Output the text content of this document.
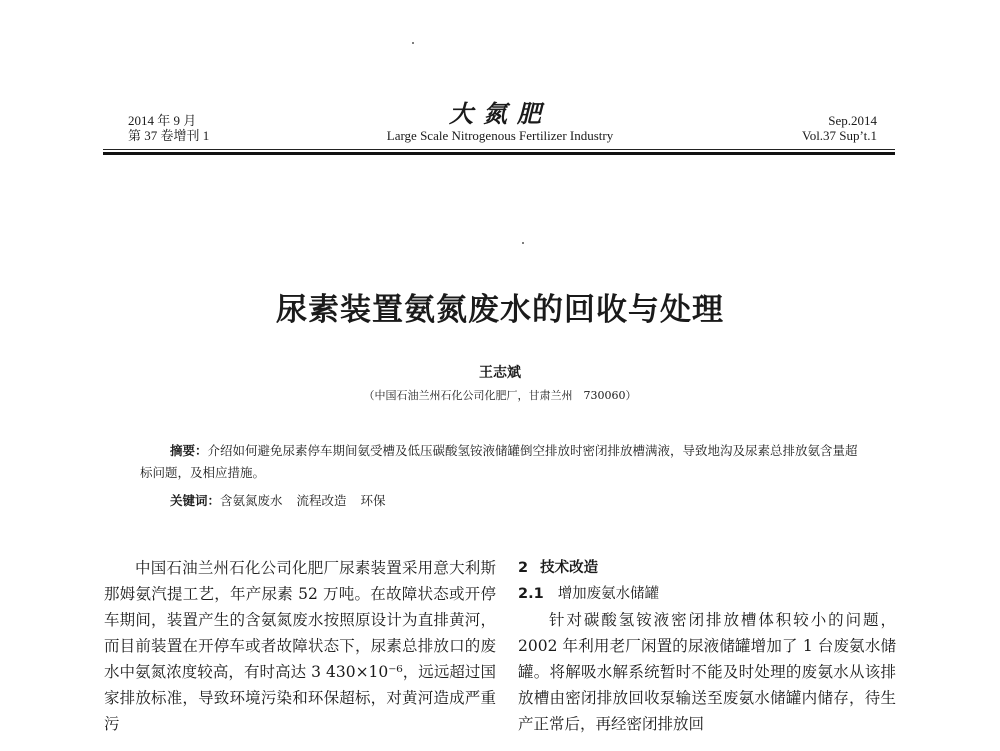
2014 年 9 月
第 37 卷增刊 1
大氮肥
Large Scale Nitrogenous Fertilizer Industry
Sep.2014
Vol.37 Sup’t.1
尿素装置氨氮废水的回收与处理
王志斌
（中国石油兰州石化公司化肥厂，甘肃兰州　730060）
摘要：介绍如何避免尿素停车期间氨受槽及低压碳酸氢铵液储罐倒空排放时密闭排放槽满液，导致地沟及尿素总排放氨含量超标问题，及相应措施。
关键词：含氨氮废水 流程改造 环保

中国石油兰州石化公司化肥厂尿素装置采用意大利斯那姆氨汽提工艺，年产尿素 52 万吨。在故障状态或开停车期间，装置产生的含氨氮废水按照原设计为直排黄河，而目前装置在开停车或者故障状态下，尿素总排放口的废水中氨氮浓度较高，有时高达 3 430×10⁻⁶，远远超过国家排放标准，导致环境污染和环保超标，对黄河造成严重污

2 技术改造
2.1 增加废氨水储罐

针对碳酸氢铵液密闭排放槽体积较小的问题，2002 年利用老厂闲置的尿液储罐增加了 1 台废氨水储罐。将解吸水解系统暂时不能及时处理的废氨水从该排放槽由密闭排放回收泵输送至废氨水储罐内储存，待生产正常后，再经密闭排放回
